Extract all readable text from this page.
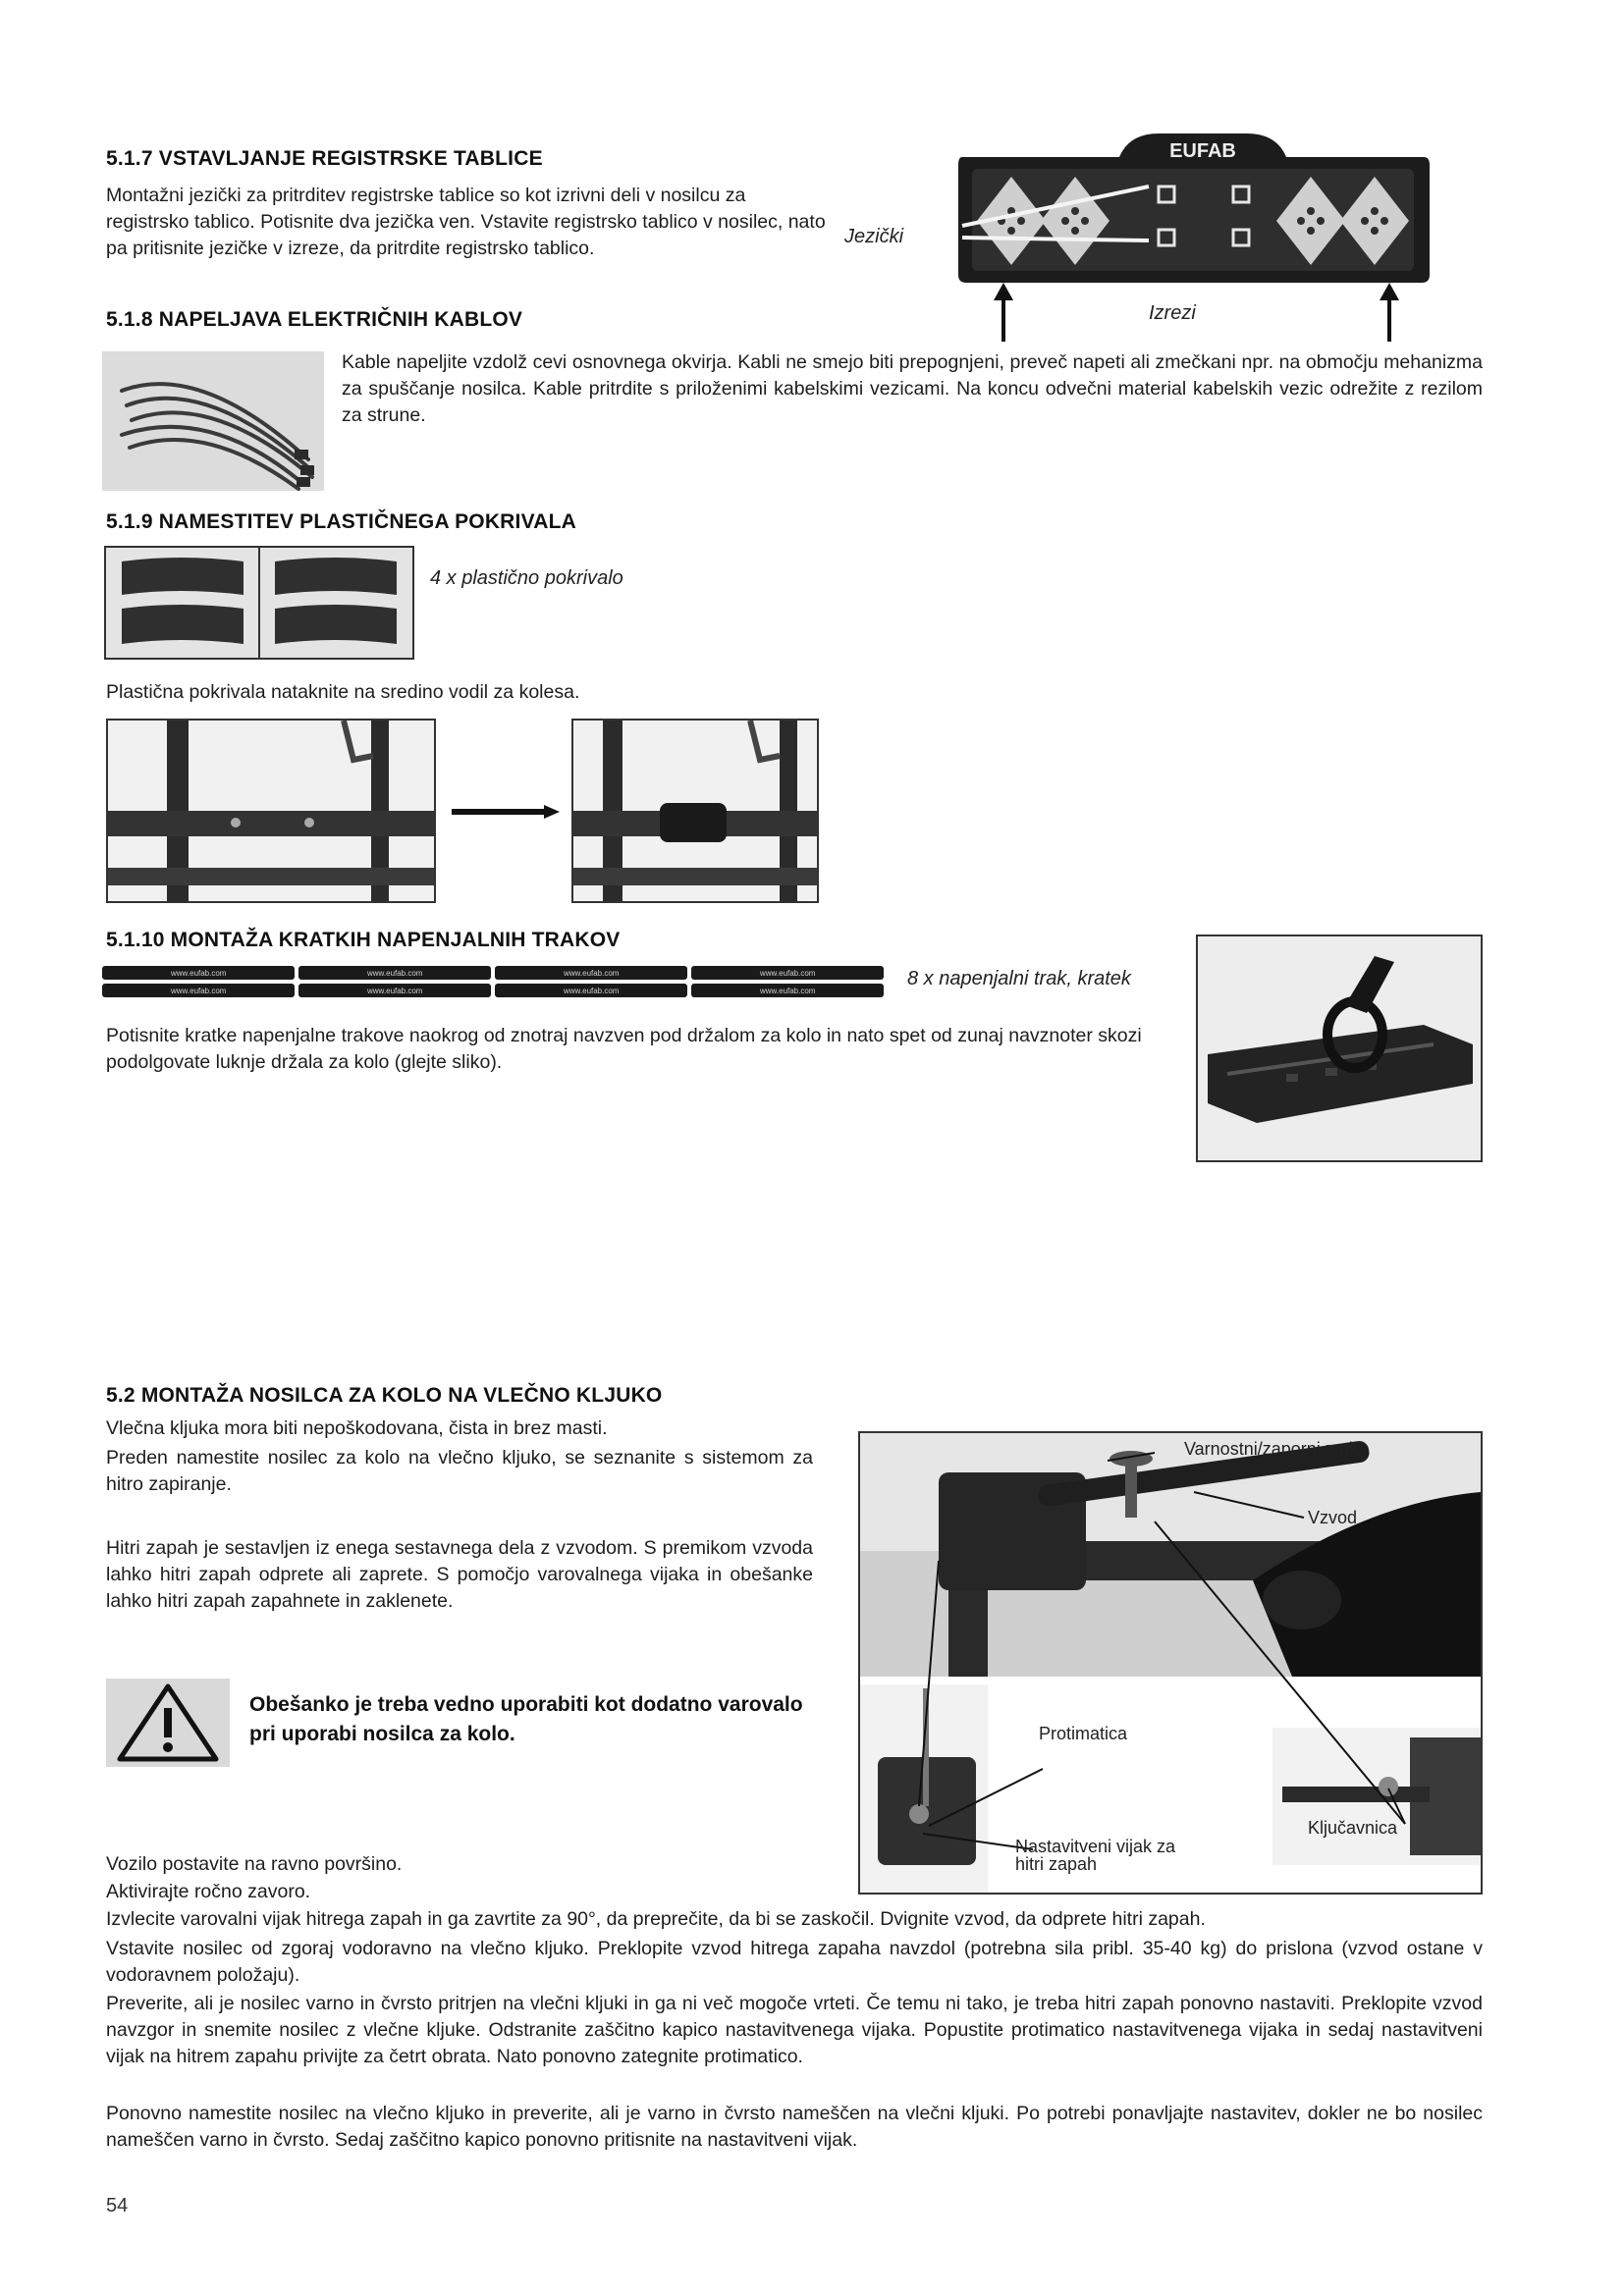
5.1.7 VSTAVLJANJE REGISTRSKE TABLICE
Montažni jezički za pritrditev registrske tablice so kot izrivni deli v nosilcu za registrsko tablico. Potisnite dva jezička ven. Vstavite registrsko tablico v nosilec, nato pa pritisnite jezičke v izreze, da pritrdite registrsko tablico.
Jezički
Izrezi
EUFAB
5.1.8 NAPELJAVA ELEKTRIČNIH KABLOV
Kable napeljite vzdolž cevi osnovnega okvirja. Kabli ne smejo biti prepognjeni, preveč napeti ali zmečkani npr. na območju mehanizma za spuščanje nosilca. Kable pritrdite s priloženimi kabelskimi vezicami. Na koncu odvečni material kabelskih vezic odrežite z rezilom za strune.
5.1.9 NAMESTITEV PLASTIČNEGA POKRIVALA
4 x plastično pokrivalo
Plastična pokrivala nataknite na sredino vodil za kolesa.
5.1.10 MONTAŽA KRATKIH NAPENJALNIH TRAKOV
www.eufab.com	www.eufab.com	www.eufab.com	www.eufab.com
www.eufab.com	www.eufab.com	www.eufab.com	www.eufab.com
8 x napenjalni trak, kratek
Potisnite kratke napenjalne trakove naokrog od znotraj navzven pod držalom za kolo in nato spet od zunaj navznoter skozi podolgovate luknje držala za kolo (glejte sliko).
5.2 MONTAŽA NOSILCA ZA KOLO NA VLEČNO KLJUKO
Vlečna kljuka mora biti nepoškodovana, čista in brez masti.
Preden namestite nosilec za kolo na vlečno kljuko, se seznanite s sistemom za hitro zapiranje.
Hitri zapah je sestavljen iz enega sestavnega dela z vzvodom. S premikom vzvoda lahko hitri zapah odprete ali zaprete. S pomočjo varovalnega vijaka in obešanke lahko hitri zapah zapahnete in zaklenete.
Obešanko je treba vedno uporabiti kot dodatno varovalo pri uporabi nosilca za kolo.
Varnostni/zaporni zatič
Vzvod
Protimatica
Ključavnica
Nastavitveni vijak za hitri zapah
Vozilo postavite na ravno površino.
Aktivirajte ročno zavoro.
Izvlecite varovalni vijak hitrega zapah in ga zavrtite za 90°, da preprečite, da bi se zaskočil. Dvignite vzvod, da odprete hitri zapah.
Vstavite nosilec od zgoraj vodoravno na vlečno kljuko. Preklopite vzvod hitrega zapaha navzdol (potrebna sila pribl. 35-40 kg) do prislona (vzvod ostane v vodoravnem položaju).
Preverite, ali je nosilec varno in čvrsto pritrjen na vlečni kljuki in ga ni več mogoče vrteti. Če temu ni tako, je treba hitri zapah ponovno nastaviti. Preklopite vzvod navzgor in snemite nosilec z vlečne kljuke. Odstranite zaščitno kapico nastavitvenega vijaka. Popustite protimatico nastavitvenega vijaka in sedaj nastavitveni vijak na hitrem zapahu privijte za četrt obrata. Nato ponovno zategnite protimatico.
Ponovno namestite nosilec na vlečno kljuko in preverite, ali je varno in čvrsto nameščen na vlečni kljuki. Po potrebi ponavljajte nastavitev, dokler ne bo nosilec nameščen varno in čvrsto. Sedaj zaščitno kapico ponovno pritisnite na nastavitveni vijak.
54
